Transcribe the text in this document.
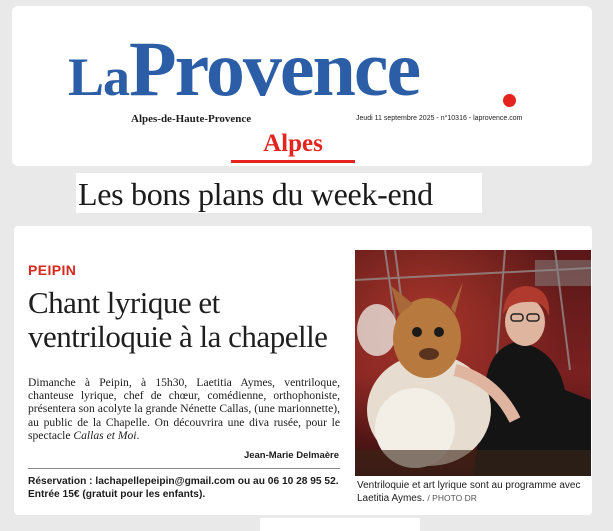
LaProvence
Alpes-de-Haute-Provence	Jeudi 11 septembre 2025 - n°10316 - laprovence.com
Alpes
Les bons plans du week-end
PEIPIN
Chant lyrique et ventriloquie à la chapelle
Dimanche à Peipin, à 15h30, Laetitia Aymes, ventriloque, chanteuse lyrique, chef de chœur, comédienne, orthophoniste, présentera son acolyte la grande Nénette Callas, (une marionnette), au public de la Chapelle. On découvrira une diva rusée, pour le spectacle Callas et Moi.
Jean-Marie Delmaère
Réservation : lachapellepeipin@gmail.com ou au 06 10 28 95 52. Entrée 15€ (gratuit pour les enfants).
Ventriloquie et art lyrique sont au programme avec Laetitia Aymes. / PHOTO DR
